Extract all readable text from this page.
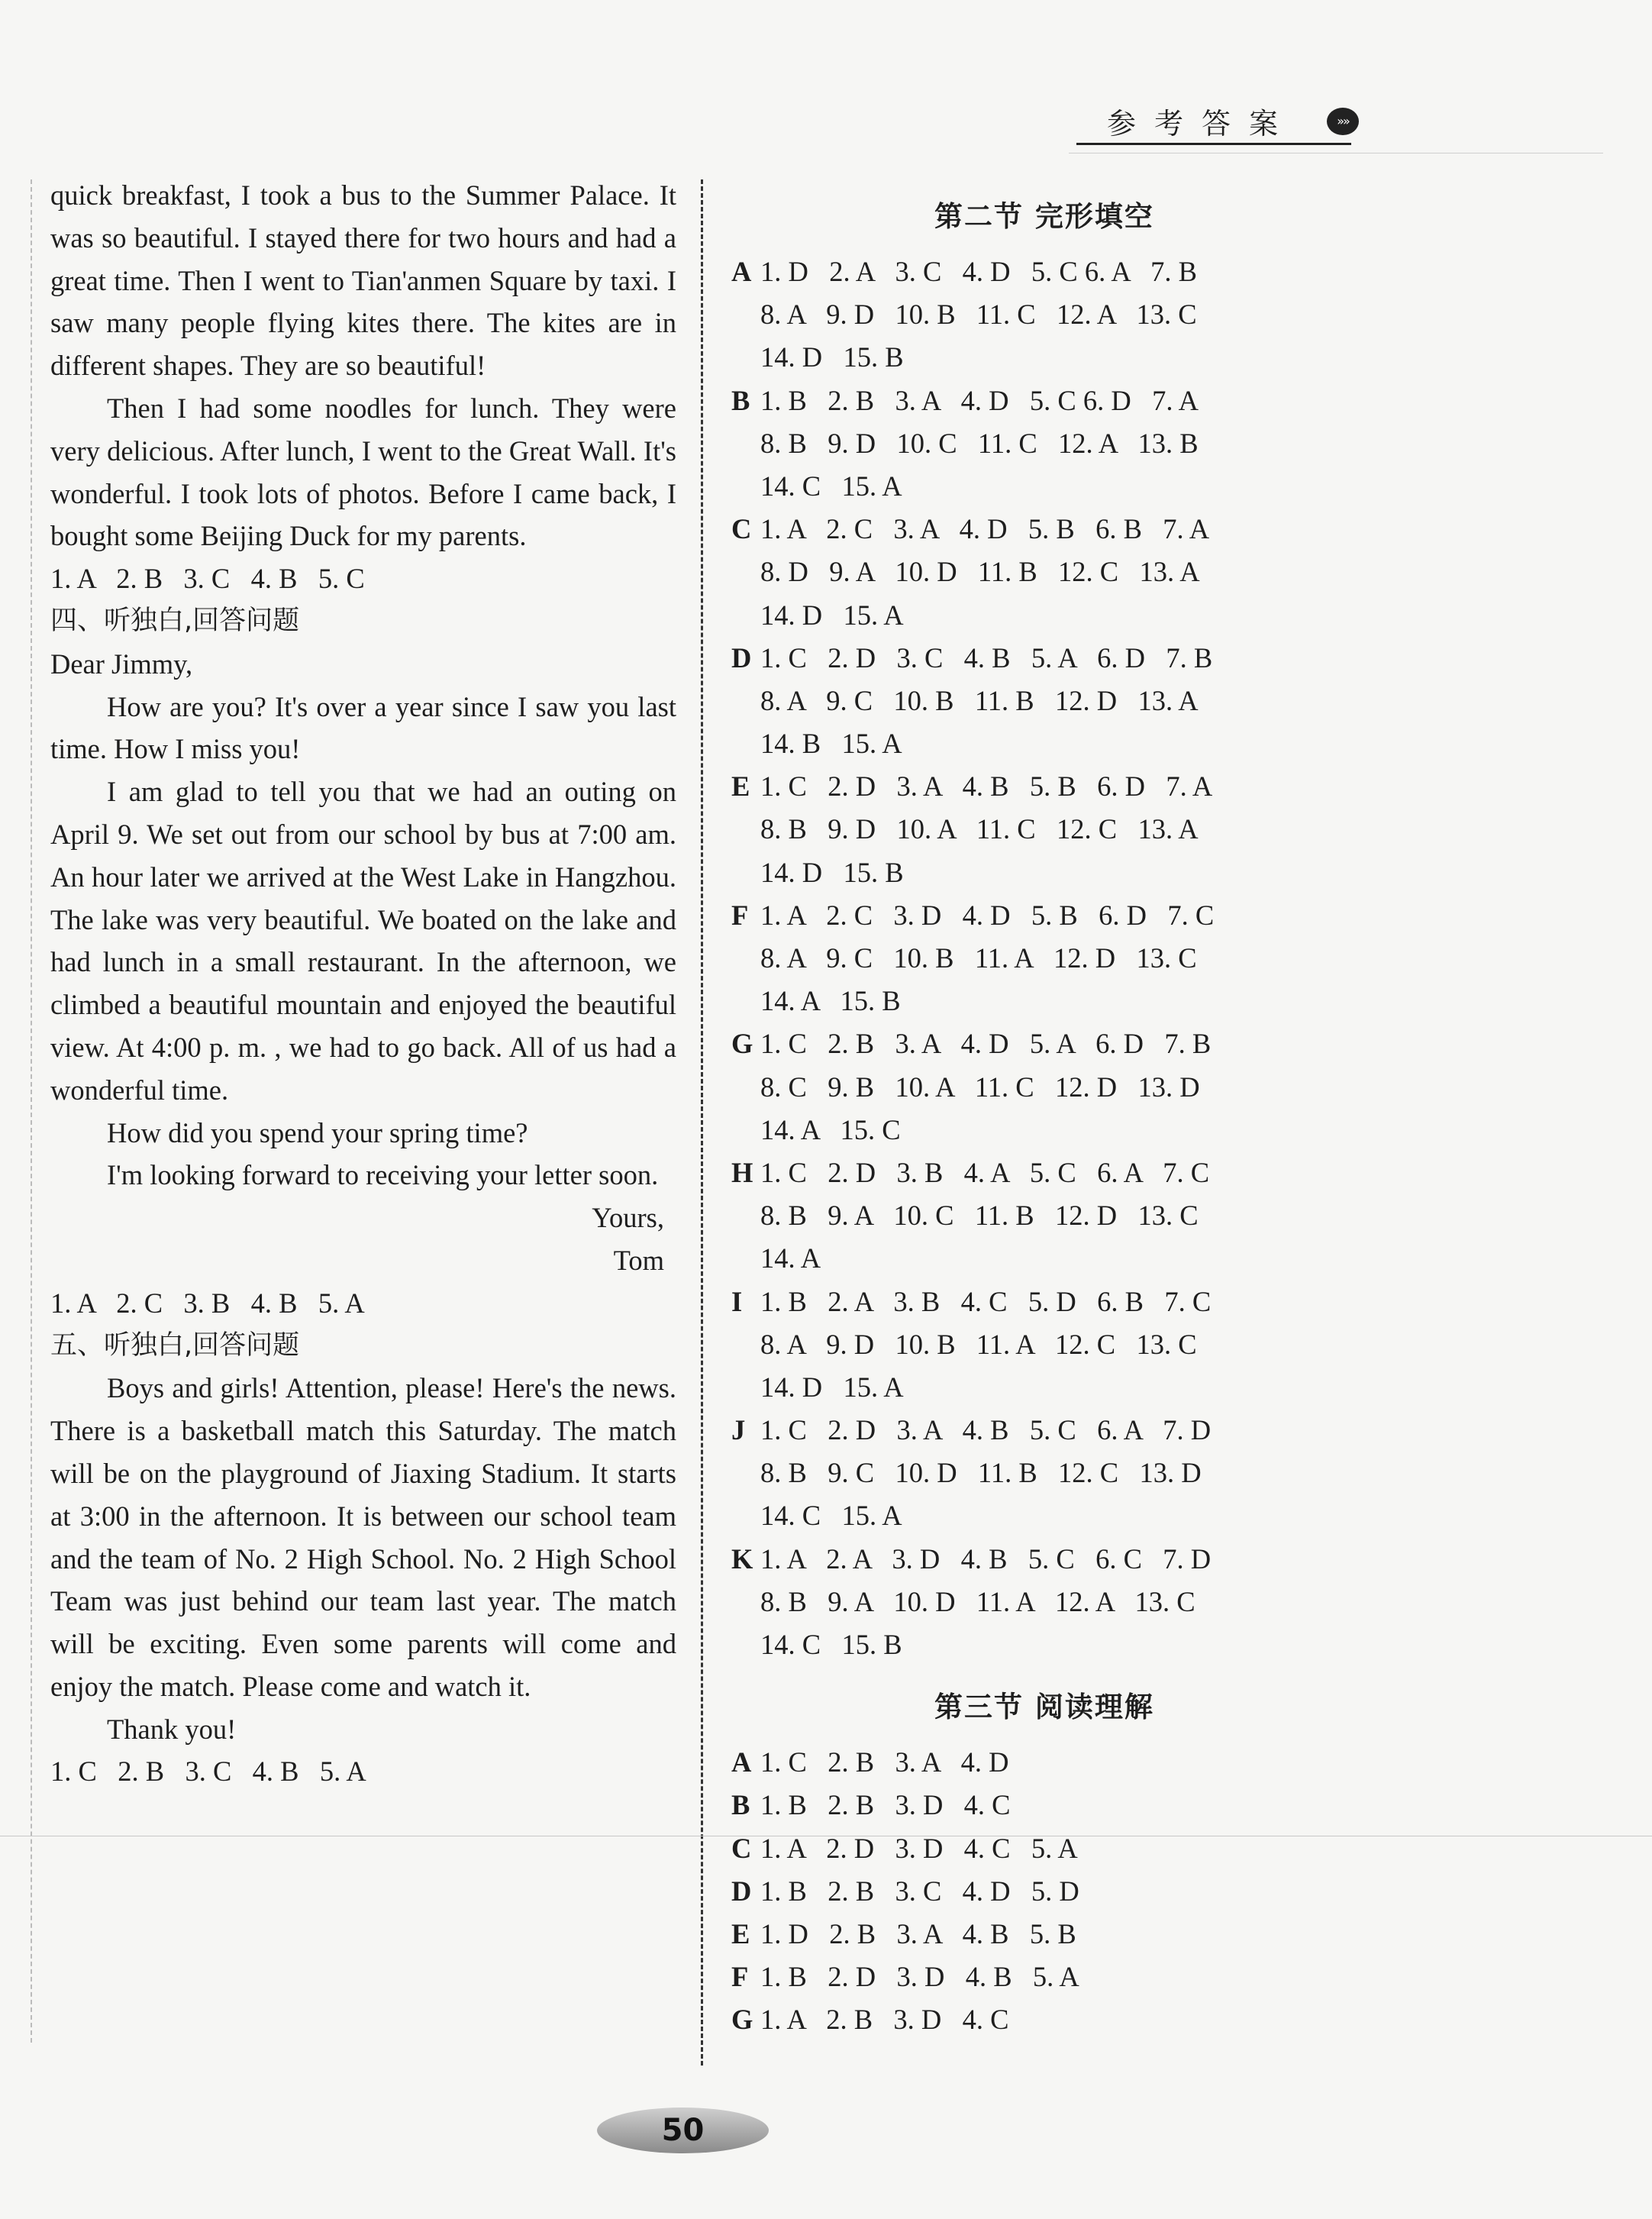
参考答案	»»

quick breakfast, I took a bus to the Summer Palace. It was so beautiful. I stayed there for two hours and had a great time. Then I went to Tian'anmen Square by taxi. I saw many people flying kites there. The kites are in different shapes. They are so beautiful!

Then I had some noodles for lunch. They were very delicious. After lunch, I went to the Great Wall. It's wonderful. I took lots of photos. Before I came back, I bought some Beijing Duck for my parents.

1. A   2. B   3. C   4. B   5. C

四、听独白,回答问题

Dear Jimmy,

How are you? It's over a year since I saw you last time. How I miss you!

I am glad to tell you that we had an outing on April 9. We set out from our school by bus at 7:00 am. An hour later we arrived at the West Lake in Hangzhou. The lake was very beautiful. We boated on the lake and had lunch in a small restaurant. In the afternoon, we climbed a beautiful mountain and enjoyed the beautiful view. At 4:00 p. m. , we had to go back. All of us had a wonderful time.

How did you spend your spring time?

I'm looking forward to receiving your letter soon.

Yours,

Tom

1. A   2. C   3. B   4. B   5. A

五、听独白,回答问题

Boys and girls! Attention, please! Here's the news. There is a basketball match this Saturday. The match will be on the playground of Jiaxing Stadium. It starts at 3:00 in the afternoon. It is between our school team and the team of No. 2 High School. No. 2 High School Team was just behind our team last year. The match will be exciting. Even some parents will come and enjoy the match. Please come and watch it.

Thank you!

1. C   2. B   3. C   4. B   5. A

第二节 完形填空
A 1. D   2. A   3. C   4. D   5. C 6. A   7. B
8. A   9. D   10. B   11. C   12. A   13. C
14. D   15. B
B 1. B   2. B   3. A   4. D   5. C 6. D   7. A
8. B   9. D   10. C   11. C   12. A   13. B
14. C   15. A
C 1. A   2. C   3. A   4. D   5. B   6. B   7. A
8. D   9. A   10. D   11. B   12. C   13. A
14. D   15. A
D 1. C   2. D   3. C   4. B   5. A   6. D   7. B
8. A   9. C   10. B   11. B   12. D   13. A
14. B   15. A
E 1. C   2. D   3. A   4. B   5. B   6. D   7. A
8. B   9. D   10. A   11. C   12. C   13. A
14. D   15. B
F 1. A   2. C   3. D   4. D   5. B   6. D   7. C
8. A   9. C   10. B   11. A   12. D   13. C
14. A   15. B
G 1. C   2. B   3. A   4. D   5. A   6. D   7. B
8. C   9. B   10. A   11. C   12. D   13. D
14. A   15. C
H 1. C   2. D   3. B   4. A   5. C   6. A   7. C
8. B   9. A   10. C   11. B   12. D   13. C
14. A
I 1. B   2. A   3. B   4. C   5. D   6. B   7. C
8. A   9. D   10. B   11. A   12. C   13. C
14. D   15. A
J 1. C   2. D   3. A   4. B   5. C   6. A   7. D
8. B   9. C   10. D   11. B   12. C   13. D
14. C   15. A
K 1. A   2. A   3. D   4. B   5. C   6. C   7. D
8. B   9. A   10. D   11. A   12. A   13. C
14. C   15. B
第三节 阅读理解
A 1. C   2. B   3. A   4. D
B 1. B   2. B   3. D   4. C
C 1. A   2. D   3. D   4. C   5. A
D 1. B   2. B   3. C   4. D   5. D
E 1. D   2. B   3. A   4. B   5. B
F 1. B   2. D   3. D   4. B   5. A
G 1. A   2. B   3. D   4. C
50
